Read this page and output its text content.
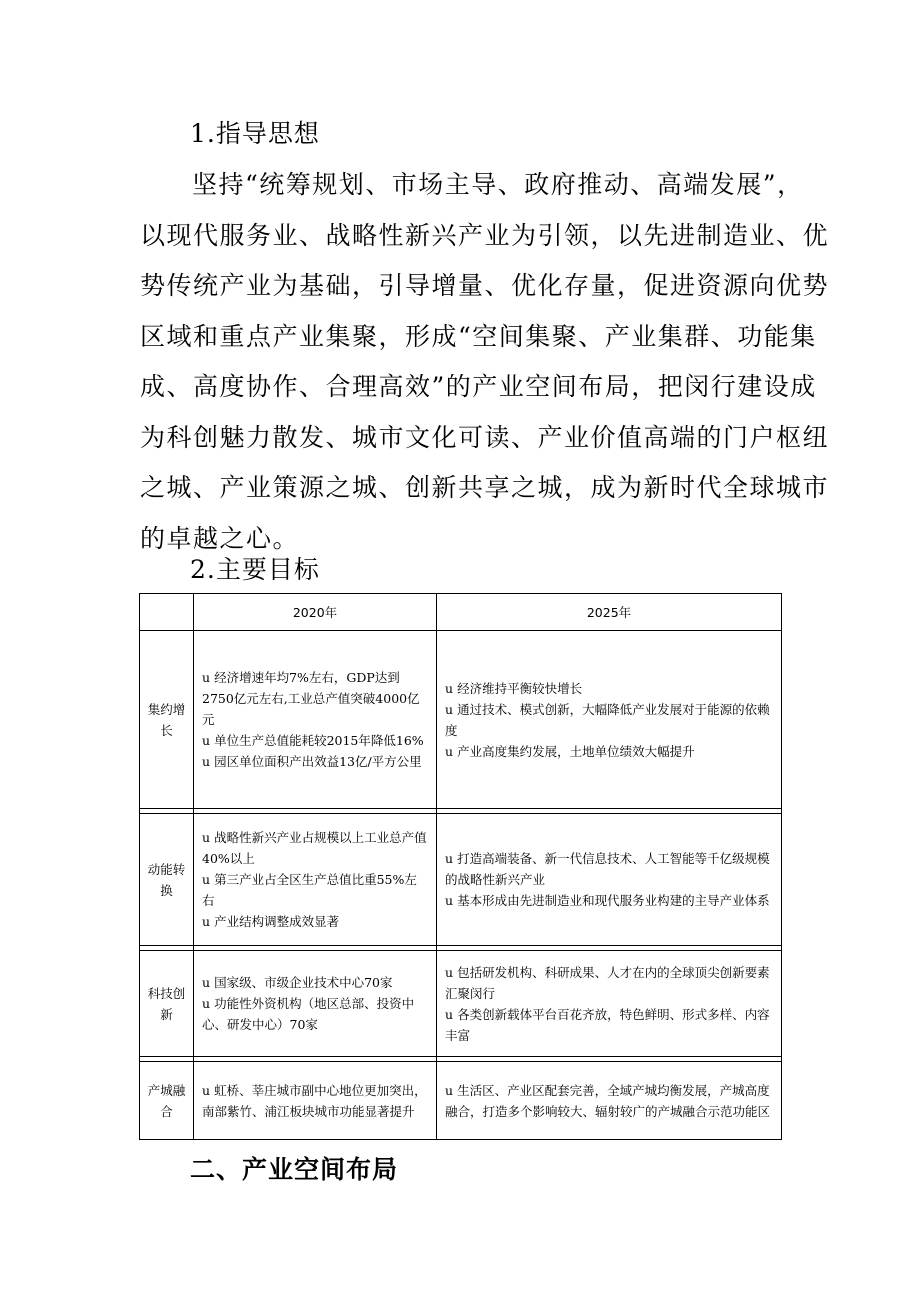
1.指导思想
坚持“统筹规划、市场主导、政府推动、高端发展”，
以现代服务业、战略性新兴产业为引领，以先进制造业、优
势传统产业为基础，引导增量、优化存量，促进资源向优势
区域和重点产业集聚，形成“空间集聚、产业集群、功能集
成、高度协作、合理高效”的产业空间布局，把闵行建设成
为科创魅力散发、城市文化可读、产业价值高端的门户枢纽
之城、产业策源之城、创新共享之城，成为新时代全球城市
的卓越之心。
2.主要目标
	2020年	2025年
集约增长	u 经济增速年均7%左右，GDP达到2750亿元左右,工业总产值突破4000亿元
u 单位生产总值能耗较2015年降低16%
u 园区单位面积产出效益13亿/平方公里	u 经济维持平衡较快增长
u 通过技术、模式创新，大幅降低产业发展对于能源的依赖度
u 产业高度集约发展，土地单位绩效大幅提升

动能转换	u 战略性新兴产业占规模以上工业总产值40%以上
u 第三产业占全区生产总值比重55%左右
u 产业结构调整成效显著	u 打造高端装备、新一代信息技术、人工智能等千亿级规模的战略性新兴产业
u 基本形成由先进制造业和现代服务业构建的主导产业体系

科技创新	u 国家级、市级企业技术中心70家
u 功能性外资机构（地区总部、投资中心、研发中心）70家	u 包括研发机构、科研成果、人才在内的全球顶尖创新要素汇聚闵行
u 各类创新载体平台百花齐放，特色鲜明、形式多样、内容丰富

产城融合	u 虹桥、莘庄城市副中心地位更加突出，南部紫竹、浦江板块城市功能显著提升	u 生活区、产业区配套完善，全域产城均衡发展，产城高度融合，打造多个影响较大、辐射较广的产城融合示范功能区
二、产业空间布局
